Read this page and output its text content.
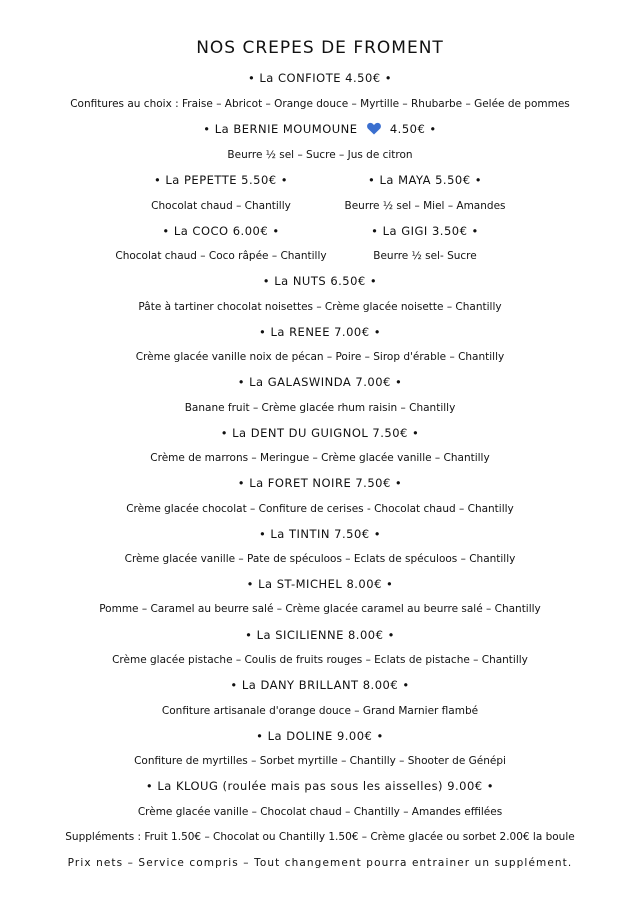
NOS CREPES DE FROMENT
• La CONFIOTE 4.50€ •
Confitures au choix : Fraise – Abricot – Orange douce – Myrtille – Rhubarbe – Gelée de pommes
• La BERNIE MOUMOUNE	4.50€ •
Beurre ½ sel – Sucre – Jus de citron
• La PEPETTE 5.50€ •	• La MAYA 5.50€ •
Chocolat chaud – Chantilly	Beurre ½ sel – Miel – Amandes
• La COCO 6.00€ •	• La GIGI 3.50€ •
Chocolat chaud – Coco râpée – Chantilly	Beurre ½ sel- Sucre
• La NUTS 6.50€ •
Pâte à tartiner chocolat noisettes – Crème glacée noisette – Chantilly
• La RENEE 7.00€ •
Crème glacée vanille noix de pécan – Poire – Sirop d'érable – Chantilly
• La GALASWINDA 7.00€ •
Banane fruit – Crème glacée rhum raisin – Chantilly
• La DENT DU GUIGNOL 7.50€ •
Crème de marrons – Meringue – Crème glacée vanille – Chantilly
• La FORET NOIRE 7.50€ •
Crème glacée chocolat – Confiture de cerises - Chocolat chaud – Chantilly
• La TINTIN 7.50€ •
Crème glacée vanille – Pate de spéculoos – Eclats de spéculoos – Chantilly
• La ST-MICHEL 8.00€ •
Pomme – Caramel au beurre salé – Crème glacée caramel au beurre salé – Chantilly
• La SICILIENNE 8.00€ •
Crème glacée pistache – Coulis de fruits rouges – Eclats de pistache – Chantilly
• La DANY BRILLANT 8.00€ •
Confiture artisanale d'orange douce – Grand Marnier flambé
• La DOLINE 9.00€ •
Confiture de myrtilles – Sorbet myrtille – Chantilly – Shooter de Génépi
• La KLOUG (roulée mais pas sous les aisselles) 9.00€ •
Crème glacée vanille – Chocolat chaud – Chantilly – Amandes effilées
Suppléments : Fruit 1.50€ – Chocolat ou Chantilly 1.50€ – Crème glacée ou sorbet 2.00€ la boule
Prix nets – Service compris – Tout changement pourra entrainer un supplément.
